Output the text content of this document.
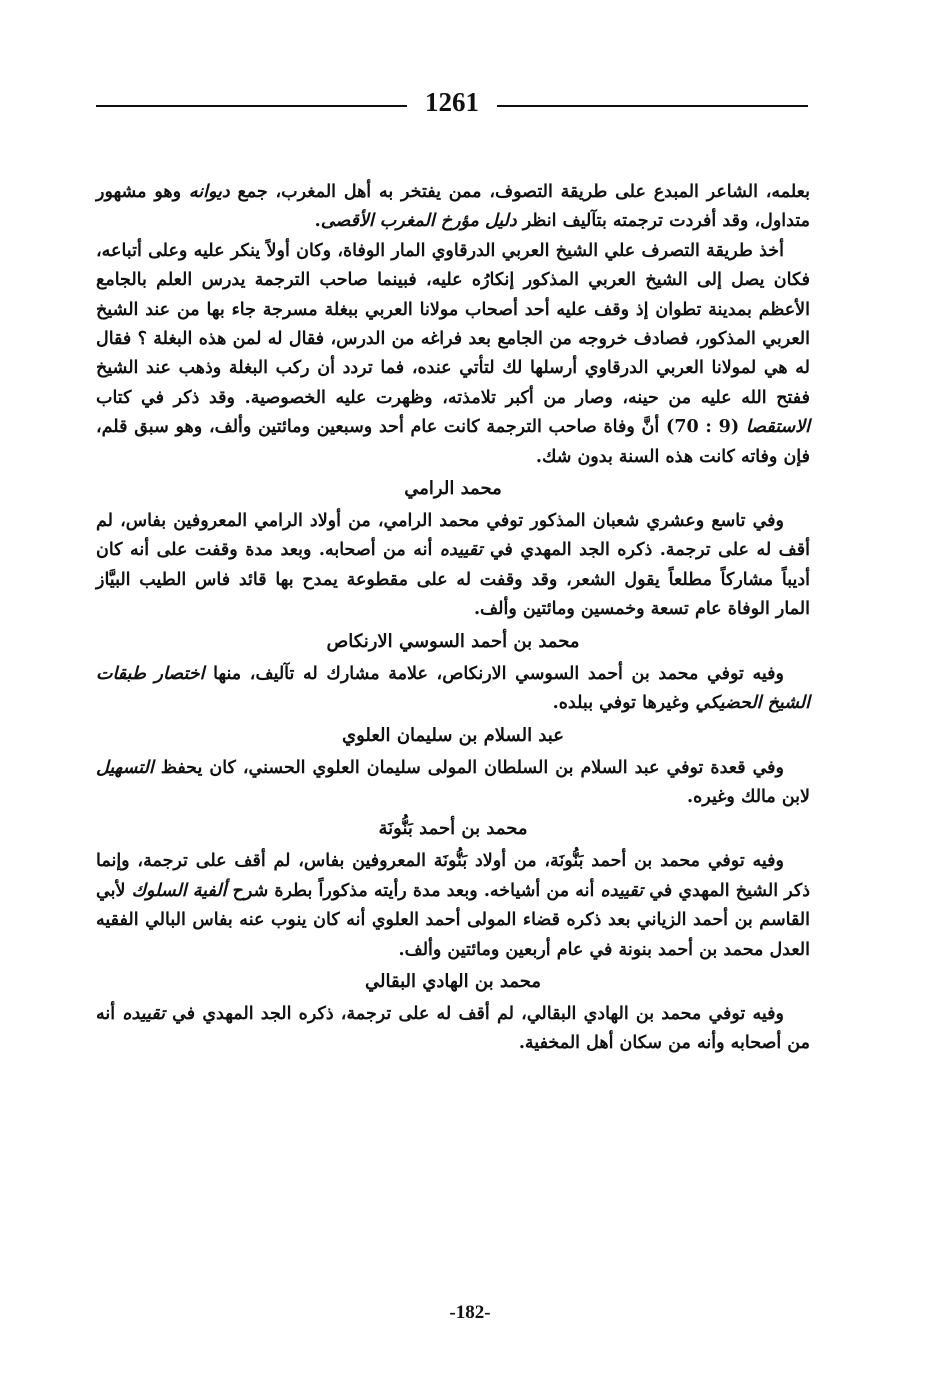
1261

بعلمه، الشاعر المبدع على طريقة التصوف، ممن يفتخر به أهل المغرب، جمع ديوانه وهو مشهور متداول، وقد أفردت ترجمته بتآليف انظر دليل مؤرخ المغرب الأقصى.

أخذ طريقة التصرف علي الشيخ العربي الدرقاوي المار الوفاة، وكان أولاً ينكر عليه وعلى أتباعه، فكان يصل إلى الشيخ العربي المذكور إنكارُه عليه، فبينما صاحب الترجمة يدرس العلم بالجامع الأعظم بمدينة تطوان إذ وقف عليه أحد أصحاب مولانا العربي ببغلة مسرجة جاء بها من عند الشيخ العربي المذكور، فصادف خروجه من الجامع بعد فراغه من الدرس، فقال له لمن هذه البغلة ؟ فقال له هي لمولانا العربي الدرقاوي أرسلها لك لتأتي عنده، فما تردد أن ركب البغلة وذهب عند الشيخ ففتح الله عليه من حينه، وصار من أكبر تلامذته، وظهرت عليه الخصوصية. وقد ذكر في كتاب الاستقصا (9 : 70) أنَّ وفاة صاحب الترجمة كانت عام أحد وسبعين ومائتين وألف، وهو سبق قلم، فإن وفاته كانت هذه السنة بدون شك.

محمد الرامي

وفي تاسع وعشري شعبان المذكور توفي محمد الرامي، من أولاد الرامي المعروفين بفاس، لم أقف له على ترجمة. ذكره الجد المهدي في تقييده أنه من أصحابه. وبعد مدة وقفت على أنه كان أديباً مشاركاً مطلعاً يقول الشعر، وقد وقفت له على مقطوعة يمدح بها قائد فاس الطيب البيَّاز المار الوفاة عام تسعة وخمسين ومائتين وألف.

محمد بن أحمد السوسي الارنكاص

وفيه توفي محمد بن أحمد السوسي الارنكاص، علامة مشارك له تآليف، منها اختصار طبقات الشيخ الحضيكي وغيرها توفي ببلده.

عبد السلام بن سليمان العلوي

وفي قعدة توفي عبد السلام بن السلطان المولى سليمان العلوي الحسني، كان يحفظ التسهيل لابن مالك وغيره.

محمد بن أحمد بَنُّونَة

وفيه توفي محمد بن أحمد بَنُّونَة، من أولاد بَنُّونَة المعروفين بفاس، لم أقف على ترجمة، وإنما ذكر الشيخ المهدي في تقييده أنه من أشياخه. وبعد مدة رأيته مذكوراً بطرة شرح ألفية السلوك لأبي القاسم بن أحمد الزياني بعد ذكره قضاء المولى أحمد العلوي أنه كان ينوب عنه بفاس البالي الفقيه العدل محمد بن أحمد بنونة في عام أربعين ومائتين وألف.

محمد بن الهادي البقالي

وفيه توفي محمد بن الهادي البقالي، لم أقف له على ترجمة، ذكره الجد المهدي في تقييده أنه من أصحابه وأنه من سكان أهل المخفية.

-182-
